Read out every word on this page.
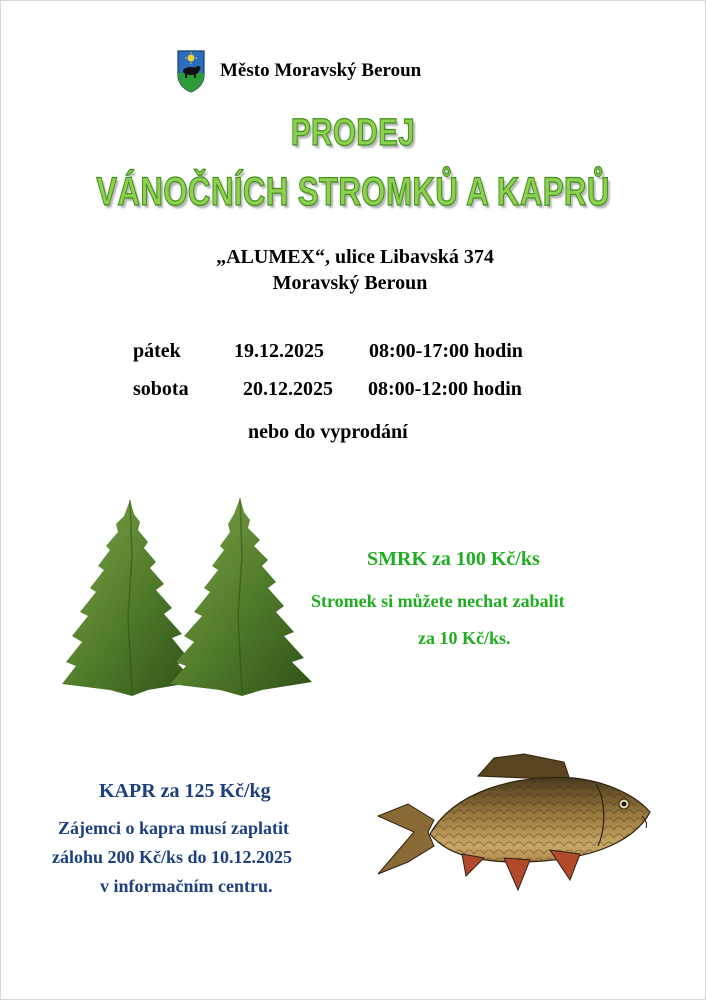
Město Moravský Beroun
PRODEJ
VÁNOČNÍCH STROMKŮ A KAPRŮ
„ALUMEX“, ulice Libavská 374
Moravský Beroun
pátek	19.12.2025 08:00-17:00 hodin
sobota	20.12.2025 08:00-12:00 hodin
nebo do vyprodání
SMRK za 100 Kč/ks
Stromek si můžete nechat zabalit
za 10 Kč/ks.
KAPR za 125 Kč/kg
Zájemci o kapra musí zaplatit
zálohu 200 Kč/ks do 10.12.2025
v informačním centru.
